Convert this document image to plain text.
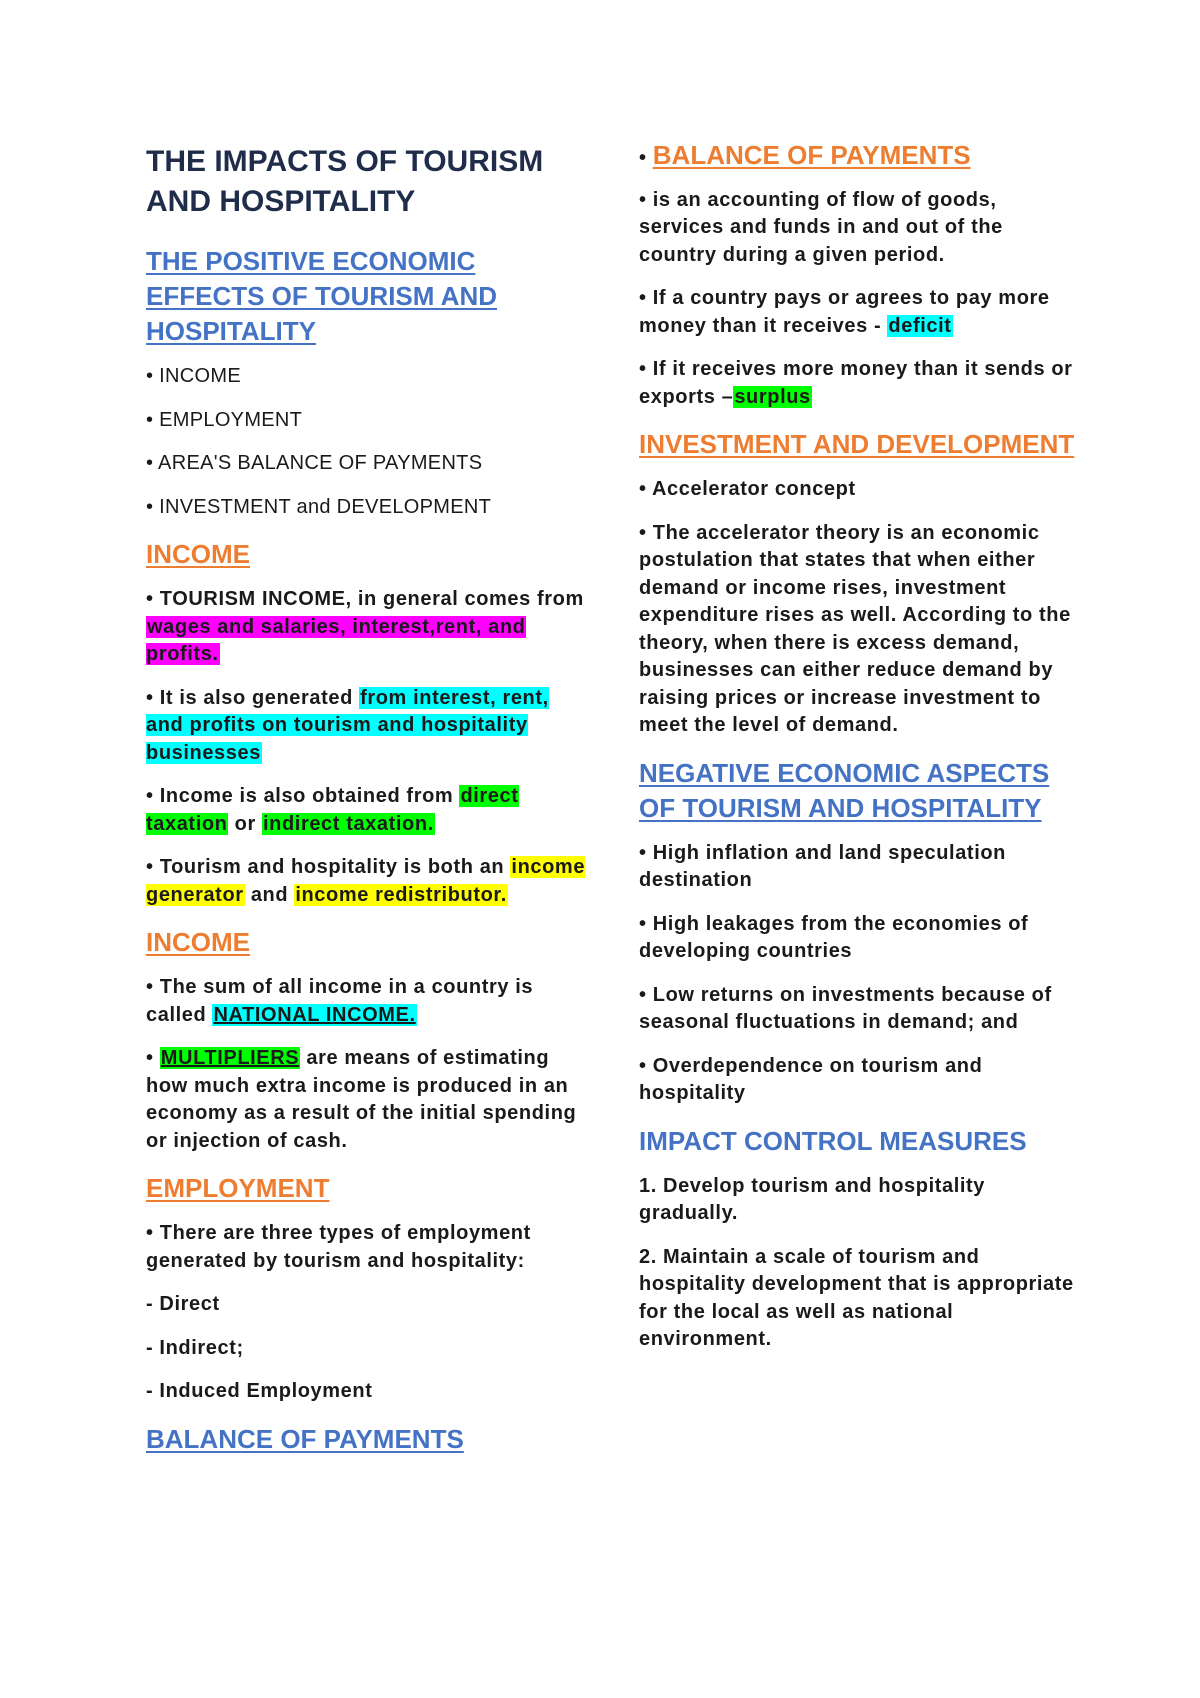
THE IMPACTS OF TOURISM AND HOSPITALITY
THE POSITIVE ECONOMIC EFFECTS OF TOURISM AND HOSPITALITY

• INCOME

• EMPLOYMENT

• AREA'S BALANCE OF PAYMENTS

• INVESTMENT and DEVELOPMENT

INCOME

• TOURISM INCOME, in general comes from wages and salaries, interest,rent, and profits.

• It is also generated from interest, rent, and profits on tourism and hospitality businesses

• Income is also obtained from direct taxation or indirect taxation.

• Tourism and hospitality is both an income generator and income redistributor.

INCOME

• The sum of all income in a country is called NATIONAL INCOME.

• MULTIPLIERS are means of estimating how much extra income is produced in an economy as a result of the initial spending or injection of cash.

EMPLOYMENT

• There are three types of employment generated by tourism and hospitality:

- Direct

- Indirect;

- Induced Employment

BALANCE OF PAYMENTS

• BALANCE OF PAYMENTS

• is an accounting of flow of goods, services and funds in and out of the country during a given period.

• If a country pays or agrees to pay more money than it receives - deficit

• If it receives more money than it sends or exports –surplus

INVESTMENT AND DEVELOPMENT

• Accelerator concept

• The accelerator theory is an economic postulation that states that when either demand or income rises, investment expenditure rises as well. According to the theory, when there is excess demand, businesses can either reduce demand by raising prices or increase investment to meet the level of demand.

NEGATIVE ECONOMIC ASPECTS OF TOURISM AND HOSPITALITY

• High inflation and land speculation destination

• High leakages from the economies of developing countries

• Low returns on investments because of seasonal fluctuations in demand; and

• Overdependence on tourism and hospitality

IMPACT CONTROL MEASURES

1. Develop tourism and hospitality gradually.

2. Maintain a scale of tourism and hospitality development that is appropriate for the local as well as national environment.
